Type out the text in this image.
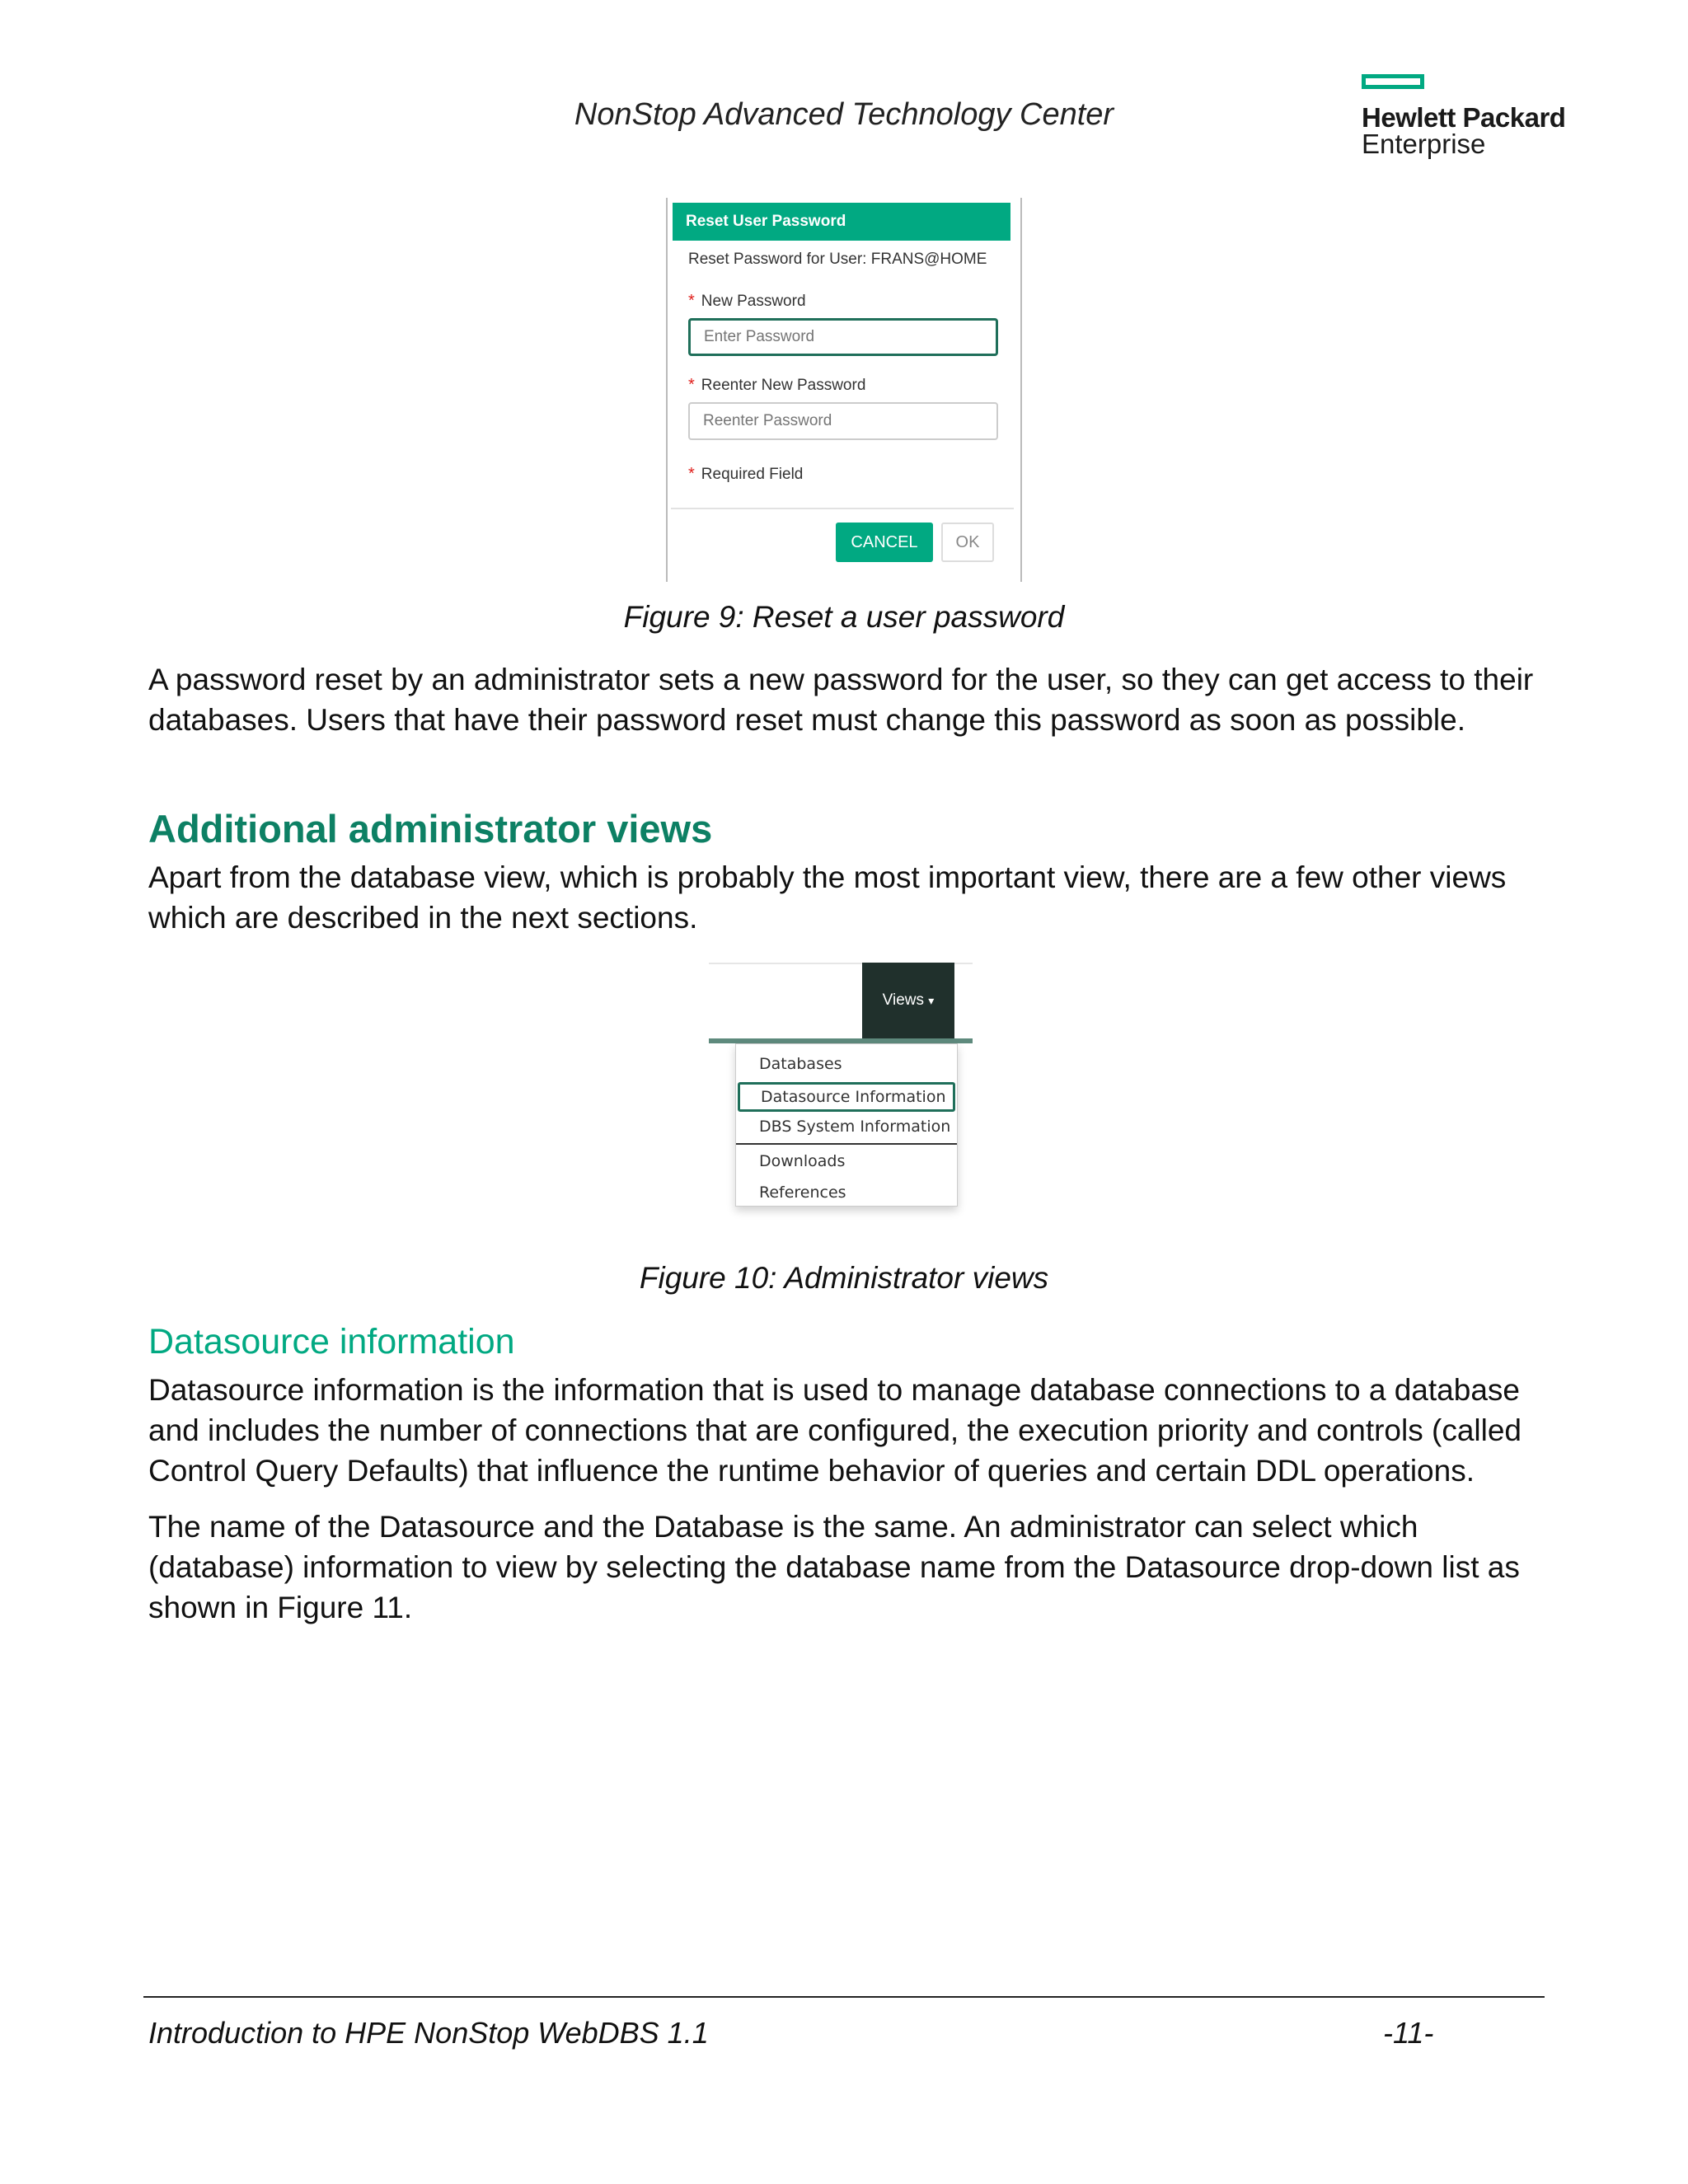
NonStop Advanced Technology Center	Hewlett Packard
Enterprise
Reset User Password
Reset Password for User: FRANS@HOME
* New Password
Enter Password
* Reenter New Password
Reenter Password
* Required Field
CANCEL	OK
Figure 9: Reset a user password
A password reset by an administrator sets a new password for the user, so they can get access to their databases. Users that have their password reset must change this password as soon as possible.
Additional administrator views
Apart from the database view, which is probably the most important view, there are a few other views which are described in the next sections.
Views ▾
Databases
Datasource Information
DBS System Information
Downloads
References
Figure 10: Administrator views
Datasource information
Datasource information is the information that is used to manage database connections to a database and includes the number of connections that are configured, the execution priority and controls (called Control Query Defaults) that influence the runtime behavior of queries and certain DDL operations.
The name of the Datasource and the Database is the same. An administrator can select which (database) information to view by selecting the database name from the Datasource drop-down list as shown in Figure 11.
Introduction to HPE NonStop WebDBS 1.1	-11-
